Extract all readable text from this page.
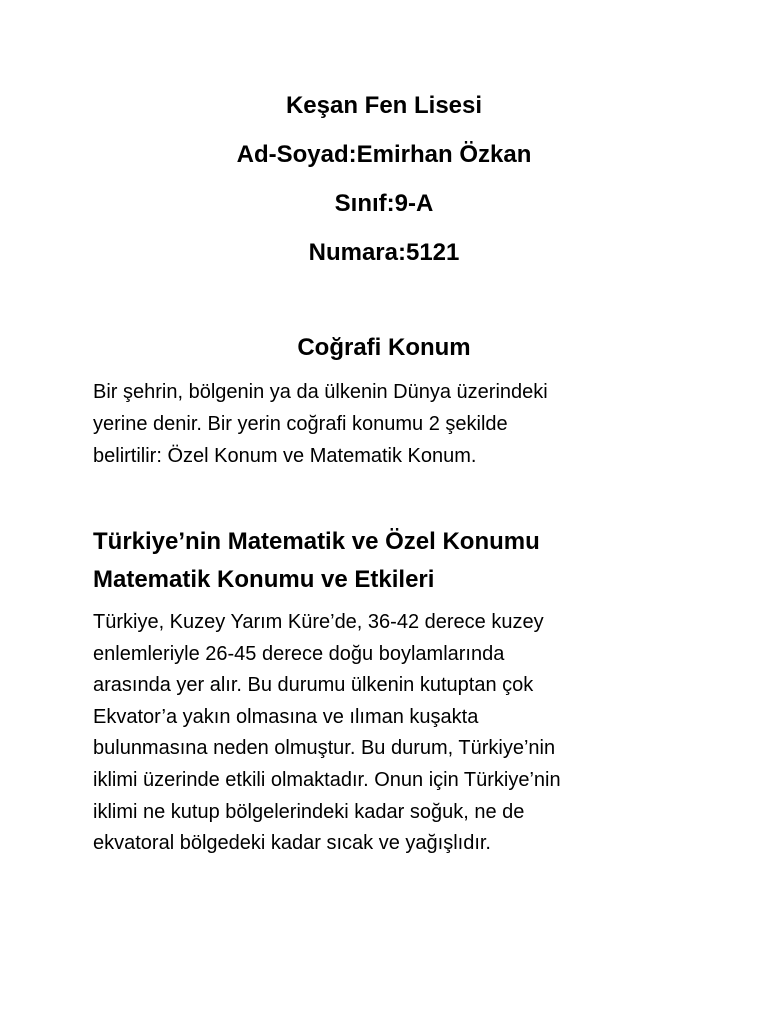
Keşan Fen Lisesi
Ad-Soyad:Emirhan Özkan
Sınıf:9-A
Numara:5121
Coğrafi Konum
Bir şehrin, bölgenin ya da ülkenin Dünya üzerindeki
yerine denir. Bir yerin coğrafi konumu 2 şekilde
belirtilir: Özel Konum ve Matematik Konum.
Türkiye’nin Matematik ve Özel Konumu
Matematik Konumu ve Etkileri
Türkiye, Kuzey Yarım Küre’de, 36-42 derece kuzey
enlemleriyle 26-45 derece doğu boylamlarında
arasında yer alır. Bu durumu ülkenin kutuptan çok
Ekvator’a yakın olmasına ve ılıman kuşakta
bulunmasına neden olmuştur. Bu durum, Türkiye’nin
iklimi üzerinde etkili olmaktadır. Onun için Türkiye’nin
iklimi ne kutup bölgelerindeki kadar soğuk, ne de
ekvatoral bölgedeki kadar sıcak ve yağışlıdır.
